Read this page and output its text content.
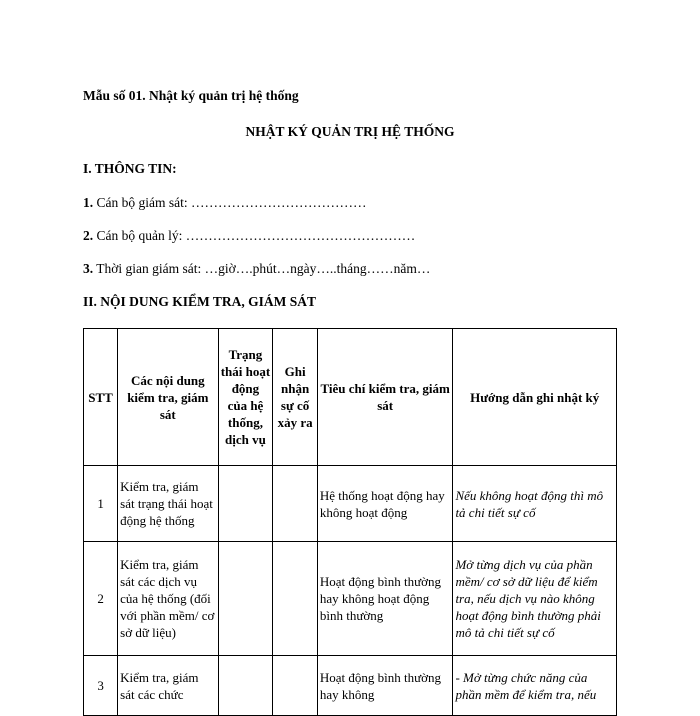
Mẫu số 01. Nhật ký quản trị hệ thống
NHẬT KÝ QUẢN TRỊ HỆ THỐNG
I. THÔNG TIN:
1. Cán bộ giám sát: …………………………………
2. Cán bộ quản lý: ……………………………………………
3. Thời gian giám sát: …giờ….phút…ngày…..tháng……năm…
II. NỘI DUNG KIỂM TRA, GIÁM SÁT
STT	Các nội dung kiểm tra, giám sát	Trạng thái hoạt động của hệ thống, dịch vụ	Ghi nhận sự cố xảy ra	Tiêu chí kiểm tra, giám sát	Hướng dẫn ghi nhật ký
1	Kiểm tra, giám sát trạng thái hoạt động hệ thống			Hệ thống hoạt động hay không hoạt động	Nếu không hoạt động thì mô tả chi tiết sự cố
2	Kiểm tra, giám sát các dịch vụ của hệ thống (đối với phần mềm/ cơ sở dữ liệu)			Hoạt động bình thường hay không hoạt động bình thường	Mở từng dịch vụ của phần mềm/ cơ sở dữ liệu để kiểm tra, nếu dịch vụ nào không hoạt động bình thường phải mô tả chi tiết sự cố
3	Kiểm tra, giám sát các chức			Hoạt động bình thường hay không	- Mở từng chức năng của phần mềm để kiểm tra, nếu
